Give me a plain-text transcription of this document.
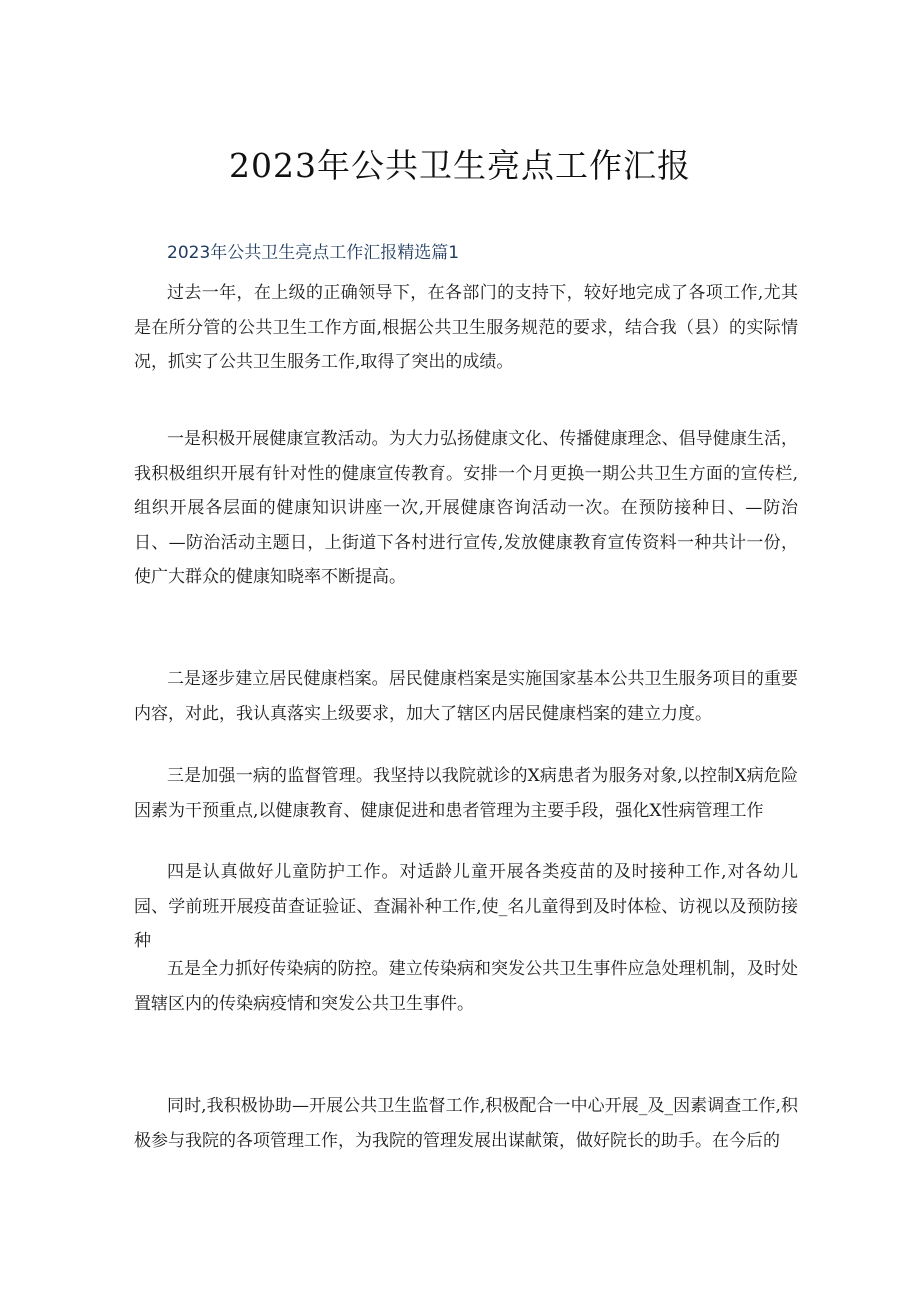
2023年公共卫生亮点工作汇报
2023年公共卫生亮点工作汇报精选篇1

过去一年，在上级的正确领导下，在各部门的支持下，较好地完成了各项工作,尤其是在所分管的公共卫生工作方面,根据公共卫生服务规范的要求，结合我（县）的实际情况，抓实了公共卫生服务工作,取得了突出的成绩。

一是积极开展健康宣教活动。为大力弘扬健康文化、传播健康理念、倡导健康生活，我积极组织开展有针对性的健康宣传教育。安排一个月更换一期公共卫生方面的宣传栏,组织开展各层面的健康知识讲座一次,开展健康咨询活动一次。在预防接种日、—防治日、—防治活动主题日，上街道下各村进行宣传,发放健康教育宣传资料一种共计一份，使广大群众的健康知晓率不断提高。

二是逐步建立居民健康档案。居民健康档案是实施国家基本公共卫生服务项目的重要内容，对此，我认真落实上级要求，加大了辖区内居民健康档案的建立力度。

三是加强一病的监督管理。我坚持以我院就诊的X病患者为服务对象,以控制X病危险因素为干预重点,以健康教育、健康促进和患者管理为主要手段，强化X性病管理工作

四是认真做好儿童防护工作。对适龄儿童开展各类疫苗的及时接种工作,对各幼儿园、学前班开展疫苗查证验证、查漏补种工作,使_名儿童得到及时体检、访视以及预防接种

五是全力抓好传染病的防控。建立传染病和突发公共卫生事件应急处理机制，及时处置辖区内的传染病疫情和突发公共卫生事件。

同时,我积极协助—开展公共卫生监督工作,积极配合一中心开展_及_因素调查工作,积极参与我院的各项管理工作，为我院的管理发展出谋献策，做好院长的助手。在今后的
